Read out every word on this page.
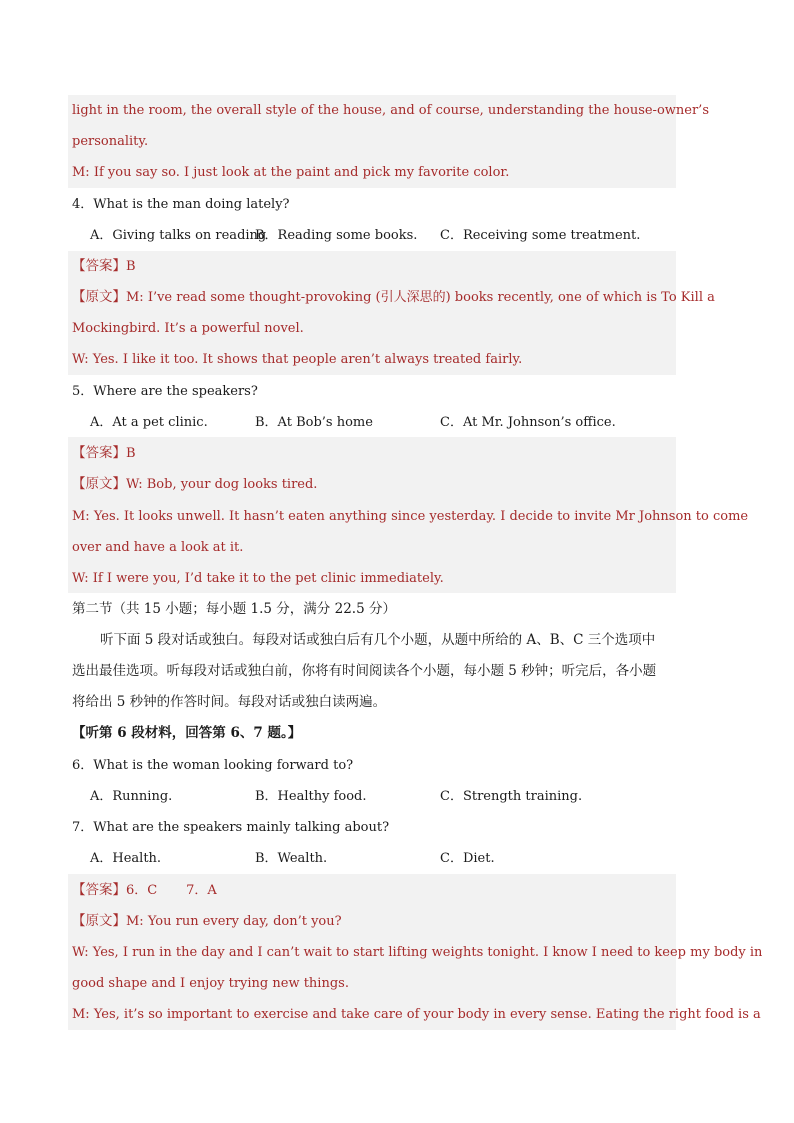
light in the room, the overall style of the house, and of course, understanding the house-owner’s
personality.
M: If you say so. I just look at the paint and pick my favorite color.
4．What is the man doing lately?
A．Giving talks on reading
B．Reading some books. C．Receiving some treatment.
【答案】B
【原文】M: I’ve read some thought-provoking (引人深思的) books recently, one of which is To Kill a
Mockingbird. It’s a powerful novel.
W: Yes. I like it too. It shows that people aren’t always treated fairly.
5．Where are the speakers?
A．At a pet clinic.	B．At Bob’s home	C．At Mr. Johnson’s office.
【答案】B
【原文】W: Bob, your dog looks tired.
M: Yes. It looks unwell. It hasn’t eaten anything since yesterday. I decide to invite Mr Johnson to come
over and have a look at it.
W: If I were you, I’d take it to the pet clinic immediately.
第二节（共 15 小题；每小题 1.5 分，满分 22.5 分）
听下面 5 段对话或独白。每段对话或独白后有几个小题，从题中所给的 A、B、C 三个选项中
选出最佳选项。听每段对话或独白前，你将有时间阅读各个小题，每小题 5 秒钟；听完后，各小题
将给出 5 秒钟的作答时间。每段对话或独白读两遍。
【听第 6 段材料，回答第 6、7 题。】
6．What is the woman looking forward to?
A．Running.	B．Healthy food.	C．Strength training.
7．What are the speakers mainly talking about?
A．Health.	B．Wealth.	C．Diet.
【答案】6．C       7．A
【原文】M: You run every day, don’t you?
W: Yes, I run in the day and I can’t wait to start lifting weights tonight. I know I need to keep my body in
good shape and I enjoy trying new things.
M: Yes, it’s so important to exercise and take care of your body in every sense. Eating the right food is a
